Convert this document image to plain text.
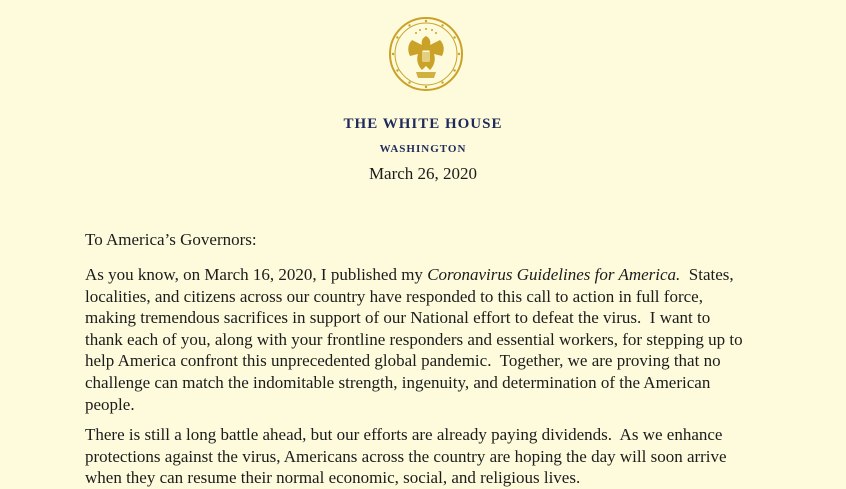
THE WHITE HOUSE
WASHINGTON
March 26, 2020
To America’s Governors:

As you know, on March 16, 2020, I published my Coronavirus Guidelines for America.  States,
localities, and citizens across our country have responded to this call to action in full force,
making tremendous sacrifices in support of our National effort to defeat the virus.  I want to
thank each of you, along with your frontline responders and essential workers, for stepping up to
help America confront this unprecedented global pandemic.  Together, we are proving that no
challenge can match the indomitable strength, ingenuity, and determination of the American
people.

There is still a long battle ahead, but our efforts are already paying dividends.  As we enhance
protections against the virus, Americans across the country are hoping the day will soon arrive
when they can resume their normal economic, social, and religious lives.
